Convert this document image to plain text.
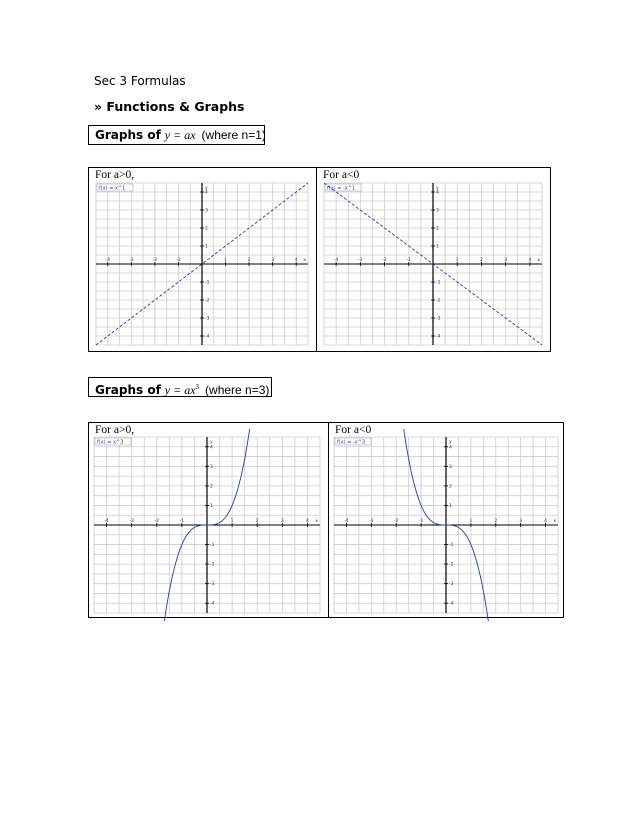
Sec 3 Formulas
» Functions & Graphs
Graphs of y = ax (where n=1)
For a>0,	For a<0
-4	-3	-2	-1	1	2	3	4
4
3
2
1
-1
-2
-3
-4
x
y
f(x) = x^1
-4	-3	-2	-1	1	2	3	4
4
3
2
1
-1
-2
-3
-4
x
y
f(x) = -x^1
Graphs of $y = ax^3$ (where n=3)
For a>0,	For a<0
-4	-3	-2	-1	1	2	3	4
4
3
2
1
-1
-2
-3
-4
x
y
f(x) = x^3
-4	-3	-2	-1	1	2	3	4
4
3
2
1
-1
-2
-3
-4
x
y
f(x) = -x^3
